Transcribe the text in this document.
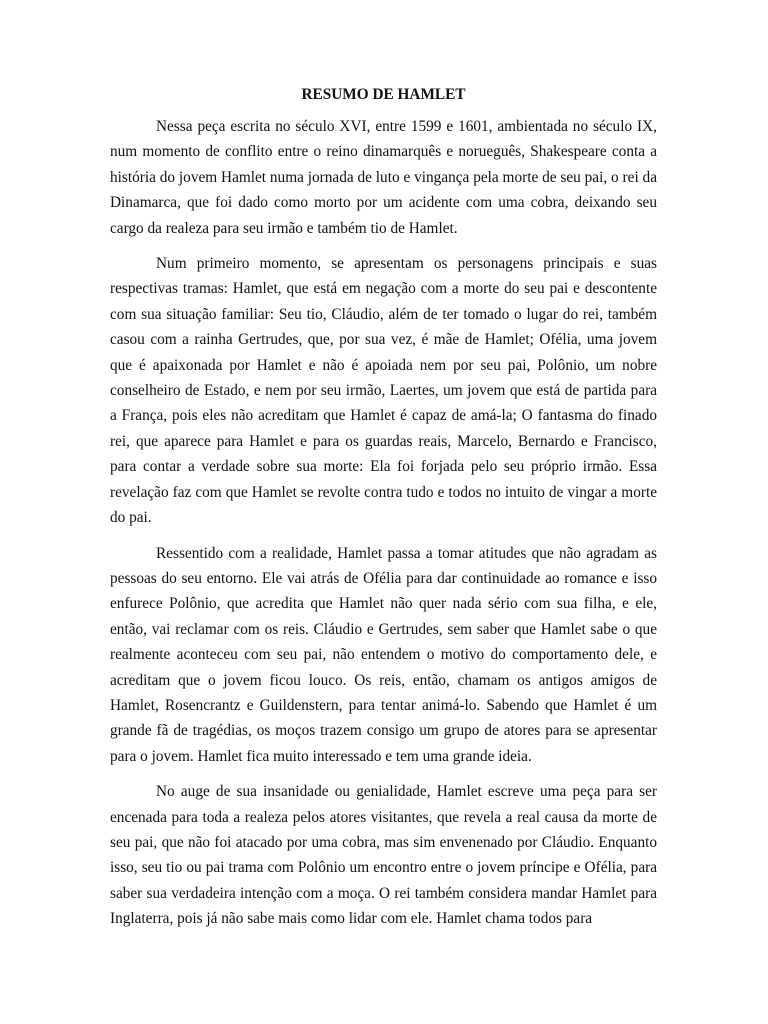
RESUMO DE HAMLET

Nessa peça escrita no século XVI, entre 1599 e 1601, ambientada no século IX, num momento de conflito entre o reino dinamarquês e norueguês, Shakespeare conta a história do jovem Hamlet numa jornada de luto e vingança pela morte de seu pai, o rei da Dinamarca, que foi dado como morto por um acidente com uma cobra, deixando seu cargo da realeza para seu irmão e também tio de Hamlet.

Num primeiro momento, se apresentam os personagens principais e suas respectivas tramas: Hamlet, que está em negação com a morte do seu pai e descontente com sua situação familiar: Seu tio, Cláudio, além de ter tomado o lugar do rei, também casou com a rainha Gertrudes, que, por sua vez, é mãe de Hamlet; Ofélia, uma jovem que é apaixonada por Hamlet e não é apoiada nem por seu pai, Polônio, um nobre conselheiro de Estado, e nem por seu irmão, Laertes, um jovem que está de partida para a França, pois eles não acreditam que Hamlet é capaz de amá-la; O fantasma do finado rei, que aparece para Hamlet e para os guardas reais, Marcelo, Bernardo e Francisco, para contar a verdade sobre sua morte: Ela foi forjada pelo seu próprio irmão. Essa revelação faz com que Hamlet se revolte contra tudo e todos no intuito de vingar a morte do pai.

Ressentido com a realidade, Hamlet passa a tomar atitudes que não agradam as pessoas do seu entorno. Ele vai atrás de Ofélia para dar continuidade ao romance e isso enfurece Polônio, que acredita que Hamlet não quer nada sério com sua filha, e ele, então, vai reclamar com os reis. Cláudio e Gertrudes, sem saber que Hamlet sabe o que realmente aconteceu com seu pai, não entendem o motivo do comportamento dele, e acreditam que o jovem ficou louco. Os reis, então, chamam os antigos amigos de Hamlet, Rosencrantz e Guildenstern, para tentar animá-lo. Sabendo que Hamlet é um grande fã de tragédias, os moços trazem consigo um grupo de atores para se apresentar para o jovem. Hamlet fica muito interessado e tem uma grande ideia.

No auge de sua insanidade ou genialidade, Hamlet escreve uma peça para ser encenada para toda a realeza pelos atores visitantes, que revela a real causa da morte de seu pai, que não foi atacado por uma cobra, mas sim envenenado por Cláudio. Enquanto isso, seu tio ou pai trama com Polônio um encontro entre o jovem príncipe e Ofélia, para saber sua verdadeira intenção com a moça. O rei também considera mandar Hamlet para Inglaterra, pois já não sabe mais como lidar com ele. Hamlet chama todos para
